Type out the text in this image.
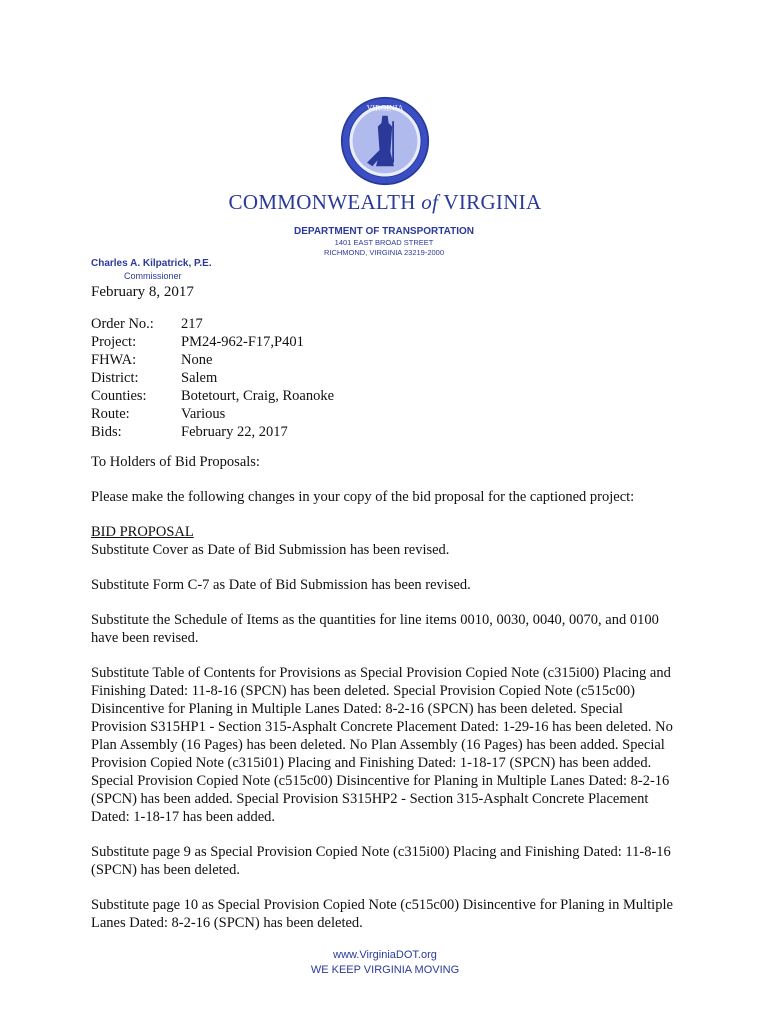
VIRGINIA
COMMONWEALTH of VIRGINIA
DEPARTMENT OF TRANSPORTATION
1401 EAST BROAD STREET
RICHMOND, VIRGINIA 23219-2000
Charles A. Kilpatrick, P.E.
Commissioner
February 8, 2017
Order No.:	217
Project:	PM24-962-F17,P401
FHWA:	None
District:	Salem
Counties:	Botetourt, Craig, Roanoke
Route:	Various
Bids:	February 22, 2017

To Holders of Bid Proposals:

Please make the following changes in your copy of the bid proposal for the captioned project:

BID PROPOSAL

Substitute Cover as Date of Bid Submission has been revised.

Substitute Form C-7 as Date of Bid Submission has been revised.

Substitute the Schedule of Items as the quantities for line items 0010, 0030, 0040, 0070, and 0100 have been revised.

Substitute Table of Contents for Provisions as Special Provision Copied Note (c315i00) Placing and Finishing Dated: 11-8-16 (SPCN) has been deleted. Special Provision Copied Note (c515c00) Disincentive for Planing in Multiple Lanes Dated: 8-2-16 (SPCN) has been deleted. Special Provision S315HP1 - Section 315-Asphalt Concrete Placement Dated: 1-29-16 has been deleted. No Plan Assembly (16 Pages) has been deleted. No Plan Assembly (16 Pages) has been added. Special Provision Copied Note (c315i01) Placing and Finishing Dated: 1-18-17 (SPCN) has been added. Special Provision Copied Note (c515c00) Disincentive for Planing in Multiple Lanes Dated: 8-2-16 (SPCN) has been added. Special Provision S315HP2 - Section 315-Asphalt Concrete Placement Dated: 1-18-17 has been added.

Substitute page 9 as Special Provision Copied Note (c315i00) Placing and Finishing Dated: 11-8-16 (SPCN) has been deleted.

Substitute page 10 as Special Provision Copied Note (c515c00) Disincentive for Planing in Multiple Lanes Dated: 8-2-16 (SPCN) has been deleted.

www.VirginiaDOT.org
WE KEEP VIRGINIA MOVING
